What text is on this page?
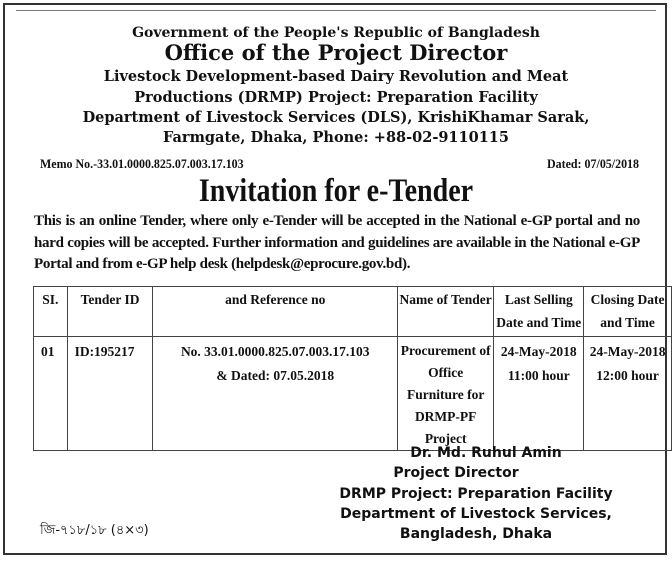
Government of the People's Republic of Bangladesh
Office of the Project Director
Livestock Development-based Dairy Revolution and Meat
Productions (DRMP) Project: Preparation Facility
Department of Livestock Services (DLS), KrishiKhamar Sarak,
Farmgate, Dhaka, Phone: +88-02-9110115
Memo No.-33.01.0000.825.07.003.17.103	Dated: 07/05/2018
Invitation for e-Tender
This is an online Tender, where only e-Tender will be accepted in the National e-GP portal and no hard copies will be accepted. Further information and guidelines are available in the National e-GP Portal and from e-GP help desk (helpdesk@eprocure.gov.bd).
SI.	Tender ID	and Reference no	Name of Tender	Last Selling Date and Time	Closing Date and Time
01	ID:195217	No. 33.01.0000.825.07.003.17.103 & Dated: 07.05.2018	Procurement of Office Furniture for DRMP-PF Project	24-May-2018 11:00 hour	24-May-2018 12:00 hour
Dr. Md. Ruhul Amin
Project Director
DRMP Project: Preparation Facility
Department of Livestock Services,
Bangladesh, Dhaka
জি-৭১৮/১৮ (৪×৩)
